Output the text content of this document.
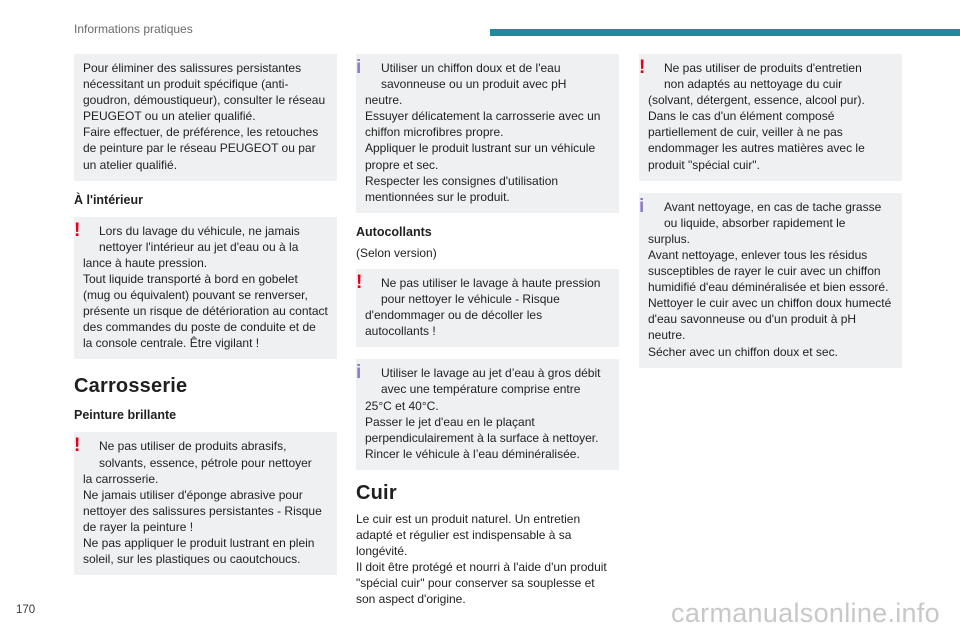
Informations pratiques

Pour éliminer des salissures persistantes

nécessitant un produit spécifique (anti-

goudron, démoustiqueur), consulter le réseau

PEUGEOT ou un atelier qualifié.

Faire effectuer, de préférence, les retouches

de peinture par le réseau PEUGEOT ou par

un atelier qualifié.

À l'intérieur
! Lors du lavage du véhicule, ne jamais

nettoyer l'intérieur au jet d'eau ou à la

lance à haute pression.

Tout liquide transporté à bord en gobelet

(mug ou équivalent) pouvant se renverser,

présente un risque de détérioration au contact

des commandes du poste de conduite et de

la console centrale. Être vigilant !

Carrosserie
Peinture brillante
! Ne pas utiliser de produits abrasifs,

solvants, essence, pétrole pour nettoyer

la carrosserie.

Ne jamais utiliser d'éponge abrasive pour

nettoyer des salissures persistantes - Risque

de rayer la peinture !

Ne pas appliquer le produit lustrant en plein

soleil, sur les plastiques ou caoutchoucs.

i Utiliser un chiffon doux et de l'eau

savonneuse ou un produit avec pH

neutre.

Essuyer délicatement la carrosserie avec un

chiffon microfibres propre.

Appliquer le produit lustrant sur un véhicule

propre et sec.

Respecter les consignes d'utilisation

mentionnées sur le produit.

Autocollants
(Selon version)
! Ne pas utiliser le lavage à haute pression

pour nettoyer le véhicule - Risque

d'endommager ou de décoller les

autocollants !

i Utiliser le lavage au jet d’eau à gros débit

avec une température comprise entre

25°C et 40°C.

Passer le jet d'eau en le plaçant

perpendiculairement à la surface à nettoyer.

Rincer le véhicule à l’eau déminéralisée.

Cuir

Le cuir est un produit naturel. Un entretien

adapté et régulier est indispensable à sa

longévité.

Il doit être protégé et nourri à l'aide d'un produit

"spécial cuir" pour conserver sa souplesse et

son aspect d'origine.

! Ne pas utiliser de produits d'entretien

non adaptés au nettoyage du cuir

(solvant, détergent, essence, alcool pur).

Dans le cas d'un élément composé

partiellement de cuir, veiller à ne pas

endommager les autres matières avec le

produit "spécial cuir".

i Avant nettoyage, en cas de tache grasse

ou liquide, absorber rapidement le

surplus.

Avant nettoyage, enlever tous les résidus

susceptibles de rayer le cuir avec un chiffon

humidifié d'eau déminéralisée et bien essoré.

Nettoyer le cuir avec un chiffon doux humecté

d'eau savonneuse ou d'un produit à pH

neutre.

Sécher avec un chiffon doux et sec.

170	carmanualsonline.info
